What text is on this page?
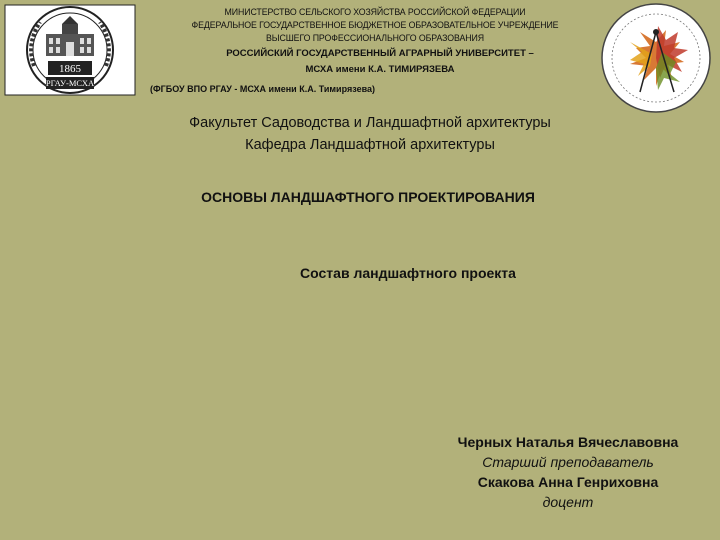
1865
РГАУ-МСХА
МИНИСТЕРСТВО СЕЛЬСКОГО ХОЗЯЙСТВА РОССИЙСКОЙ ФЕДЕРАЦИИ
ФЕДЕРАЛЬНОЕ ГОСУДАРСТВЕННОЕ БЮДЖЕТНОЕ ОБРАЗОВАТЕЛЬНОЕ УЧРЕЖДЕНИЕ
ВЫСШЕГО ПРОФЕССИОНАЛЬНОГО ОБРАЗОВАНИЯ
РОССИЙСКИЙ ГОСУДАРСТВЕННЫЙ АГРАРНЫЙ УНИВЕРСИТЕТ –
МСХА имени К.А. ТИМИРЯЗЕВА
(ФГБОУ ВПО РГАУ - МСХА имени К.А. Тимирязева)
Факультет Садоводства и Ландшафтной архитектуры
Кафедра Ландшафтной архитектуры
ОСНОВЫ ЛАНДШАФТНОГО ПРОЕКТИРОВАНИЯ
Состав ландшафтного проекта
Черных Наталья Вячеславовна
Старший преподаватель
Скакова Анна Генриховна
доцент
